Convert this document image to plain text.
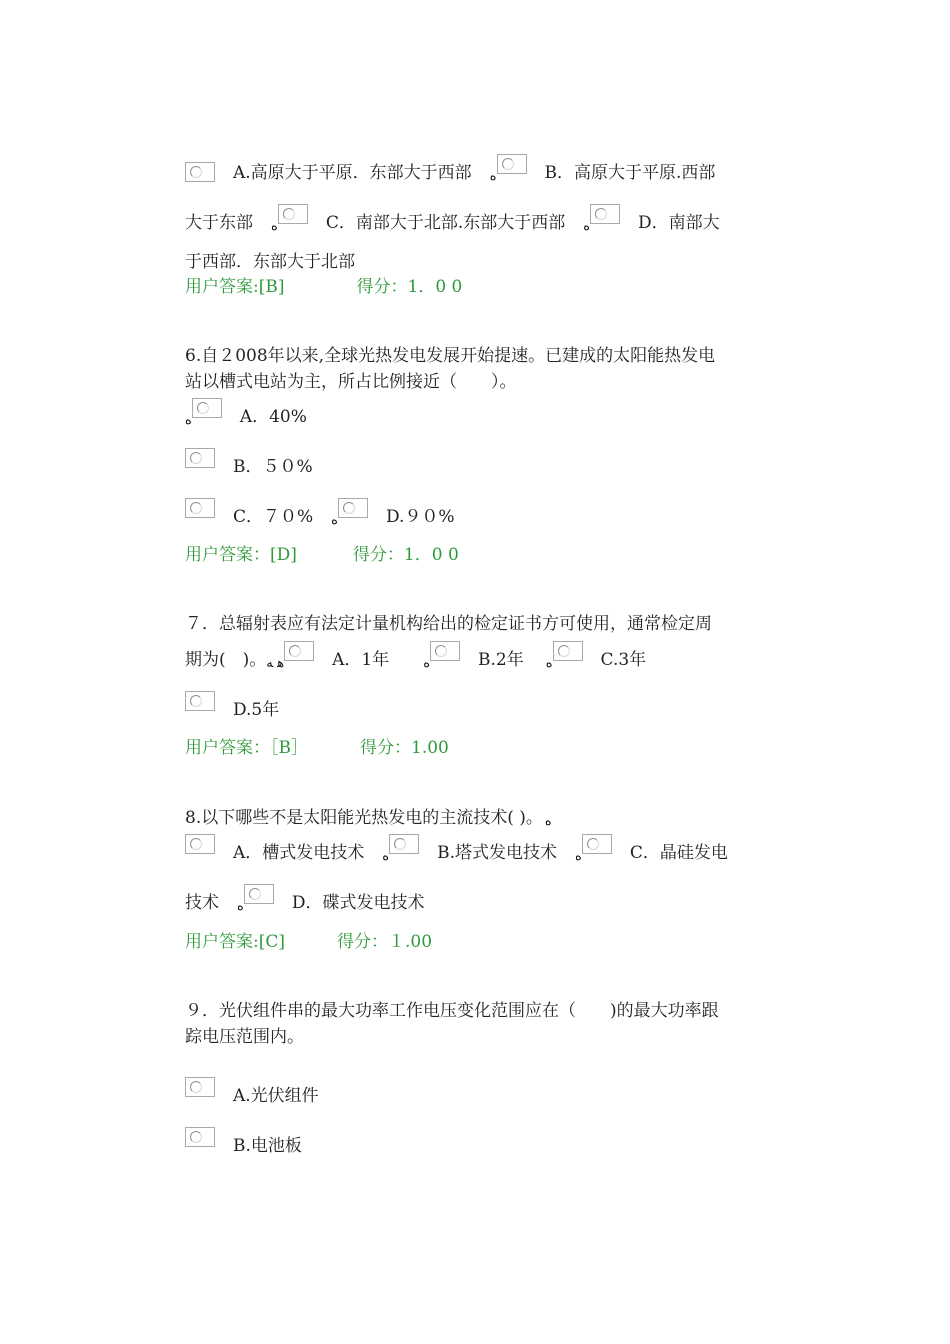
A.高原大于平原．东部大于西部 ه	B．高原大于平原.西部
大于东部 ه	C．南部大于北部.东部大于西部 ه	D．南部大
于西部．东部大于北部
用户答案:[B]	得分：1．0 0
6.自２008年以来,全球光热发电发展开始提速。已建成的太阳能热发电
站以槽式电站为主，所占比例接近（　　）。
ه	A．40%
B．５０%
C．７０% ه	D.９０%
用户答案：[D]	得分：1．0 0
７．总辐射表应有法定计量机构给出的检定证书方可使用，通常检定周
期为(　)。 هه	A．1年	ه	B.2年 ه	C.3年
D.5年
用户答案：［B］	得分：1.00
8.以下哪些不是太阳能光热发电的主流技术( )。 ه
A．槽式发电技术 ه	B.塔式发电技术 ه	C．晶硅发电
技术 ه	D．碟式发电技术
用户答案:[C]	得分：１.00
９．光伏组件串的最大功率工作电压变化范围应在（　　)的最大功率跟
踪电压范围内。
A.光伏组件
B.电池板
